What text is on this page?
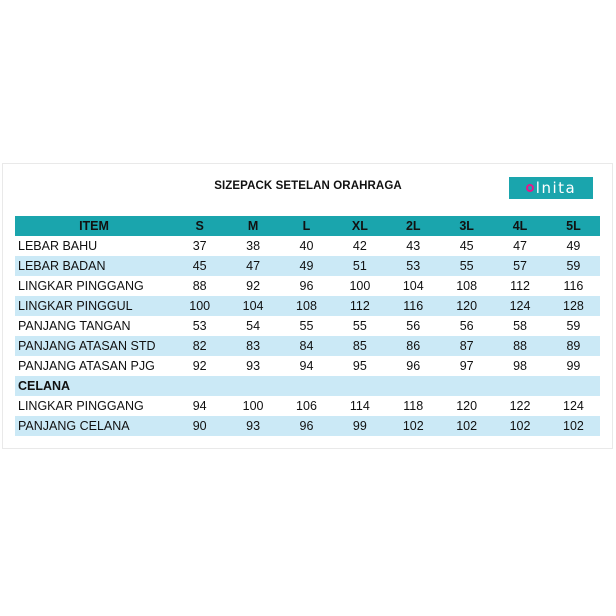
SIZEPACK SETELAN ORAHRAGA	lnita
ITEM	S	M	L	XL	2L	3L	4L	5L
LEBAR BAHU	37	38	40	42	43	45	47	49
LEBAR BADAN	45	47	49	51	53	55	57	59
LINGKAR PINGGANG	88	92	96	100	104	108	112	116
LINGKAR PINGGUL	100	104	108	112	116	120	124	128
PANJANG TANGAN	53	54	55	55	56	56	58	59
PANJANG ATASAN STD	82	83	84	85	86	87	88	89
PANJANG ATASAN PJG	92	93	94	95	96	97	98	99
CELANA								
LINGKAR PINGGANG	94	100	106	114	118	120	122	124
PANJANG CELANA	90	93	96	99	102	102	102	102
